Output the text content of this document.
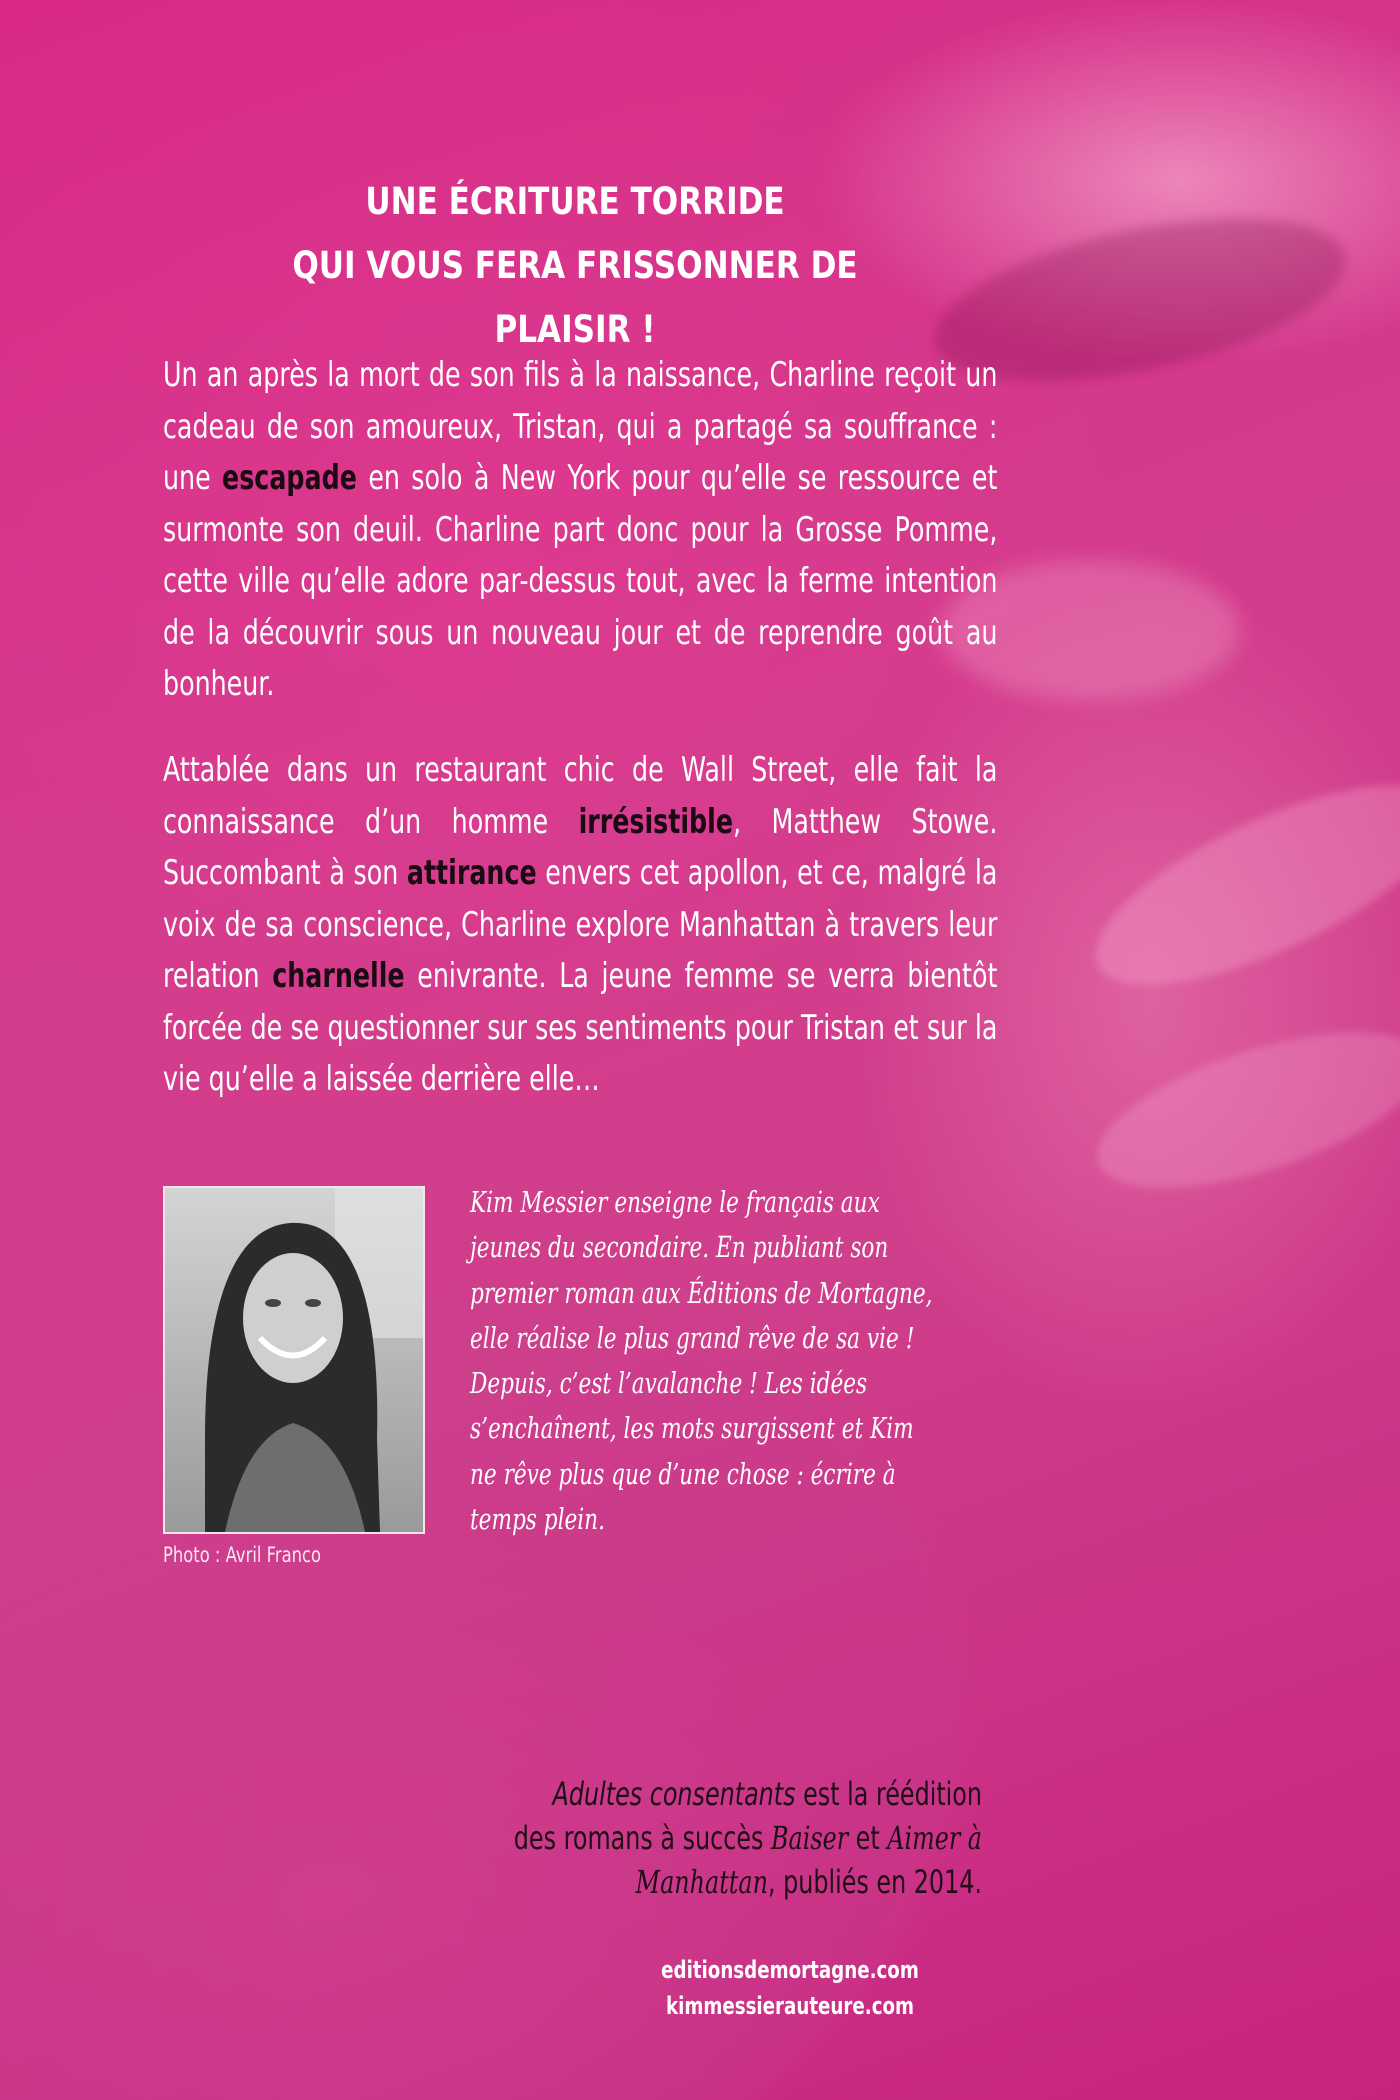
UNE ÉCRITURE TORRIDE
QUI VOUS FERA FRISSONNER DE PLAISIR !
Un an après la mort de son fils à la naissance, Charline reçoit un cadeau de son amoureux, Tristan, qui a partagé sa souffrance : une escapade en solo à New York pour qu’elle se ressource et surmonte son deuil. Charline part donc pour la Grosse Pomme, cette ville qu’elle adore par-dessus tout, avec la ferme intention de la découvrir sous un nouveau jour et de reprendre goût au bonheur.
Attablée dans un restaurant chic de Wall Street, elle fait la connaissance d’un homme irrésistible, Matthew Stowe. Succombant à son attirance envers cet apollon, et ce, malgré la voix de sa conscience, Charline explore Manhattan à travers leur relation charnelle enivrante. La jeune femme se verra bientôt forcée de se questionner sur ses sentiments pour Tristan et sur la vie qu’elle a laissée derrière elle…
Photo : Avril Franco
Kim Messier enseigne le français aux
jeunes du secondaire. En publiant son
premier roman aux Éditions de Mortagne,
elle réalise le plus grand rêve de sa vie !
Depuis, c’est l’avalanche ! Les idées
s’enchaînent, les mots surgissent et Kim
ne rêve plus que d’une chose : écrire à
temps plein.
Adultes consentants est la réédition des romans à succès Baiser et Aimer à Manhattan, publiés en 2014.
editionsdemortagne.com
kimmessierauteure.com
